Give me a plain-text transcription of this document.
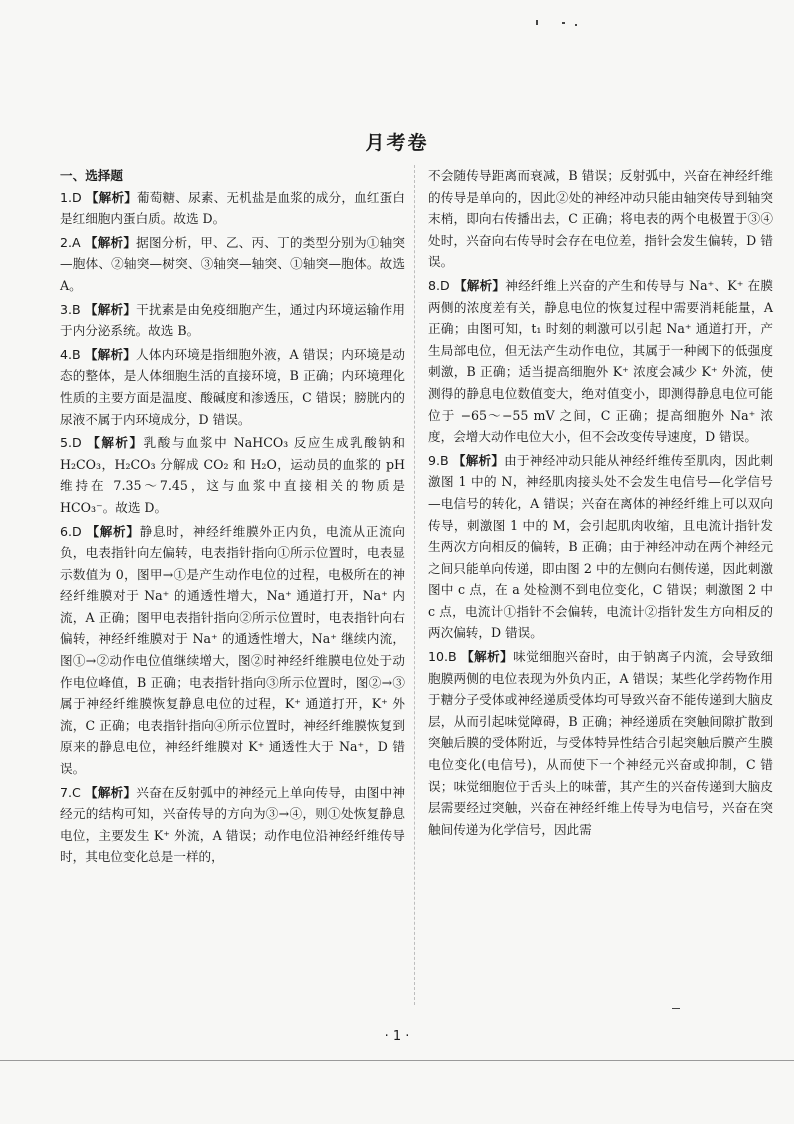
月考卷
一、选择题
1.D 【解析】葡萄糖、尿素、无机盐是血浆的成分，血红蛋白是红细胞内蛋白质。故选 D。
2.A 【解析】据图分析，甲、乙、丙、丁的类型分别为①轴突—胞体、②轴突—树突、③轴突—轴突、①轴突—胞体。故选 A。
3.B 【解析】干扰素是由免疫细胞产生，通过内环境运输作用于内分泌系统。故选 B。
4.B 【解析】人体内环境是指细胞外液，A 错误；内环境是动态的整体，是人体细胞生活的直接环境，B 正确；内环境理化性质的主要方面是温度、酸碱度和渗透压，C 错误；膀胱内的尿液不属于内环境成分，D 错误。
5.D 【解析】乳酸与血浆中 NaHCO₃ 反应生成乳酸钠和 H₂CO₃，H₂CO₃ 分解成 CO₂ 和 H₂O，运动员的血浆的 pH 维持在 7.35～7.45，这与血浆中直接相关的物质是 HCO₃⁻。故选 D。
6.D 【解析】静息时，神经纤维膜外正内负，电流从正流向负，电表指针向左偏转，电表指针指向①所示位置时，电表显示数值为 0，图甲→①是产生动作电位的过程，电极所在的神经纤维膜对于 Na⁺ 的通透性增大，Na⁺ 通道打开，Na⁺ 内流，A 正确；图甲电表指针指向②所示位置时，电表指针向右偏转，神经纤维膜对于 Na⁺ 的通透性增大，Na⁺ 继续内流，图①→②动作电位值继续增大，图②时神经纤维膜电位处于动作电位峰值，B 正确；电表指针指向③所示位置时，图②→③属于神经纤维膜恢复静息电位的过程，K⁺ 通道打开，K⁺ 外流，C 正确；电表指针指向④所示位置时，神经纤维膜恢复到原来的静息电位，神经纤维膜对 K⁺ 通透性大于 Na⁺，D 错误。
7.C 【解析】兴奋在反射弧中的神经元上单向传导，由图中神经元的结构可知，兴奋传导的方向为③→④，则①处恢复静息电位，主要发生 K⁺ 外流，A 错误；动作电位沿神经纤维传导时，其电位变化总是一样的，
不会随传导距离而衰减，B 错误；反射弧中，兴奋在神经纤维的传导是单向的，因此②处的神经冲动只能由轴突传导到轴突末梢，即向右传播出去，C 正确；将电表的两个电极置于③④处时，兴奋向右传导时会存在电位差，指针会发生偏转，D 错误。
8.D 【解析】神经纤维上兴奋的产生和传导与 Na⁺、K⁺ 在膜两侧的浓度差有关，静息电位的恢复过程中需要消耗能量，A 正确；由图可知，t₁ 时刻的刺激可以引起 Na⁺ 通道打开，产生局部电位，但无法产生动作电位，其属于一种阈下的低强度刺激，B 正确；适当提高细胞外 K⁺ 浓度会减少 K⁺ 外流，使测得的静息电位数值变大，绝对值变小，即测得静息电位可能位于 −65～−55 mV 之间，C 正确；提高细胞外 Na⁺ 浓度，会增大动作电位大小，但不会改变传导速度，D 错误。
9.B 【解析】由于神经冲动只能从神经纤维传至肌肉，因此刺激图 1 中的 N，神经肌肉接头处不会发生电信号—化学信号—电信号的转化，A 错误；兴奋在离体的神经纤维上可以双向传导，刺激图 1 中的 M，会引起肌肉收缩，且电流计指针发生两次方向相反的偏转，B 正确；由于神经冲动在两个神经元之间只能单向传递，即由图 2 中的左侧向右侧传递，因此刺激图中 c 点，在 a 处检测不到电位变化，C 错误；刺激图 2 中 c 点，电流计①指针不会偏转，电流计②指针发生方向相反的两次偏转，D 错误。
10.B 【解析】味觉细胞兴奋时，由于钠离子内流，会导致细胞膜两侧的电位表现为外负内正，A 错误；某些化学药物作用于糖分子受体或神经递质受体均可导致兴奋不能传递到大脑皮层，从而引起味觉障碍，B 正确；神经递质在突触间隙扩散到突触后膜的受体附近，与受体特异性结合引起突触后膜产生膜电位变化(电信号)，从而使下一个神经元兴奋或抑制，C 错误；味觉细胞位于舌头上的味蕾，其产生的兴奋传递到大脑皮层需要经过突触，兴奋在神经纤维上传导为电信号，兴奋在突触间传递为化学信号，因此需
· 1 ·
